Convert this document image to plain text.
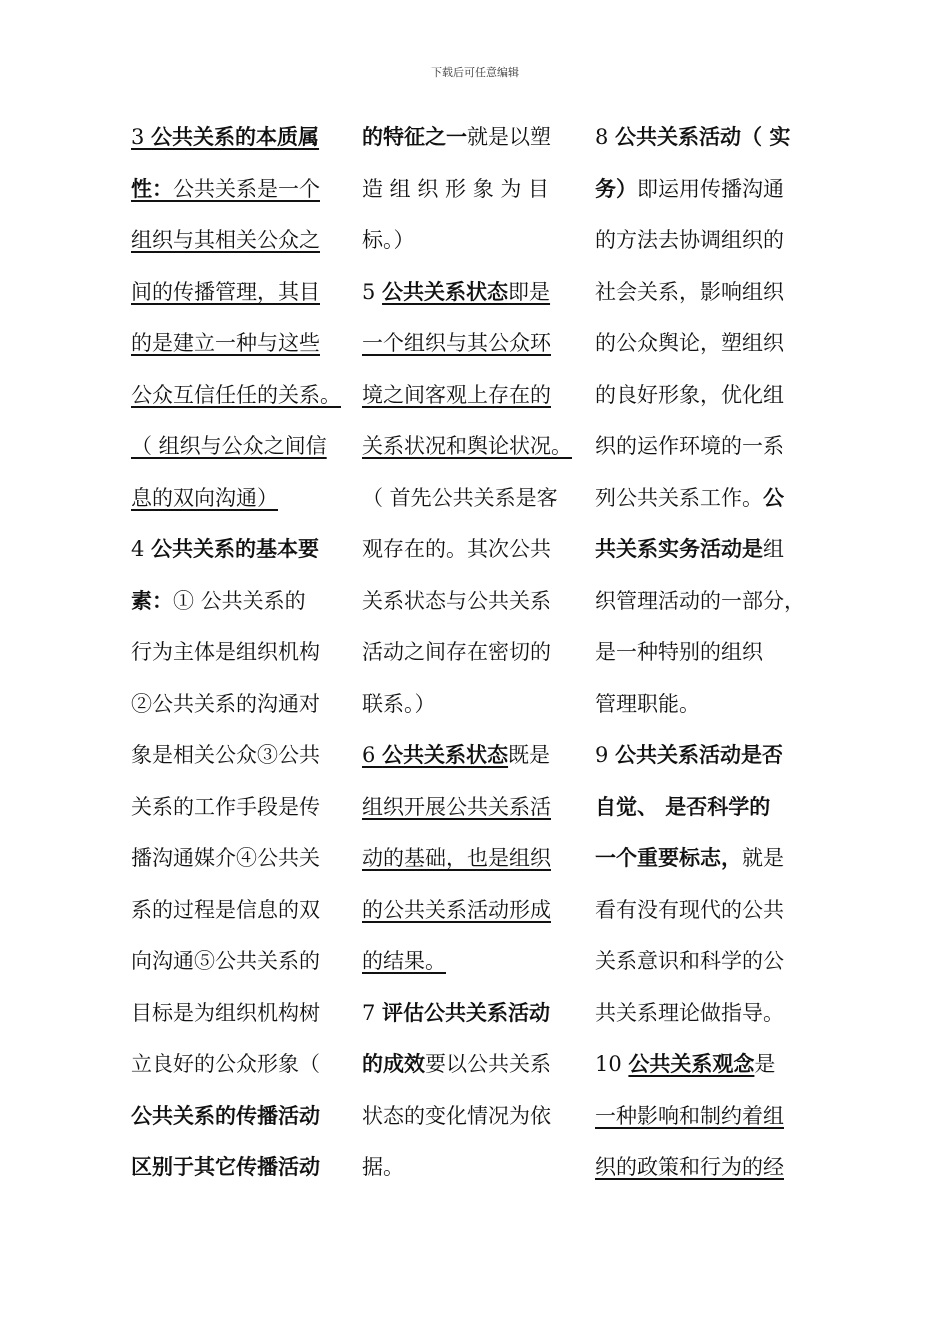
下载后可任意编辑
3 公共关系的本质属
性：公共关系是一个
组织与其相关公众之
间的传播管理，其目
的是建立一种与这些
公众互信任任的关系。
（ 组织与公众之间信
息的双向沟通）
4 公共关系的基本要
素：① 公共关系的
行为主体是组织机构
②公共关系的沟通对
象是相关公众③公共
关系的工作手段是传
播沟通媒介④公共关
系的过程是信息的双
向沟通⑤公共关系的
目标是为组织机构树
立良好的公众形象（
公共关系的传播活动
区别于其它传播活动
的特征之一就是以塑
造 组 织 形 象 为 目
标。）
5 公共关系状态即是
一个组织与其公众环
境之间客观上存在的
关系状况和舆论状况。
（ 首先公共关系是客
观存在的。其次公共
关系状态与公共关系
活动之间存在密切的
联系。）
6 公共关系状态既是
组织开展公共关系活
动的基础，也是组织
的公共关系活动形成
的结果。
7 评估公共关系活动
的成效要以公共关系
状态的变化情况为依
据。
8 公共关系活动（ 实
务）即运用传播沟通
的方法去协调组织的
社会关系，影响组织
的公众舆论，塑组织
的良好形象，优化组
织的运作环境的一系
列公共关系工作。公
共关系实务活动是组
织管理活动的一部分，
是一种特别的组织
管理职能。
9 公共关系活动是否
自觉、 是否科学的
一个重要标志，就是
看有没有现代的公共
关系意识和科学的公
共关系理论做指导。
10 公共关系观念是
一种影响和制约着组
织的政策和行为的经
